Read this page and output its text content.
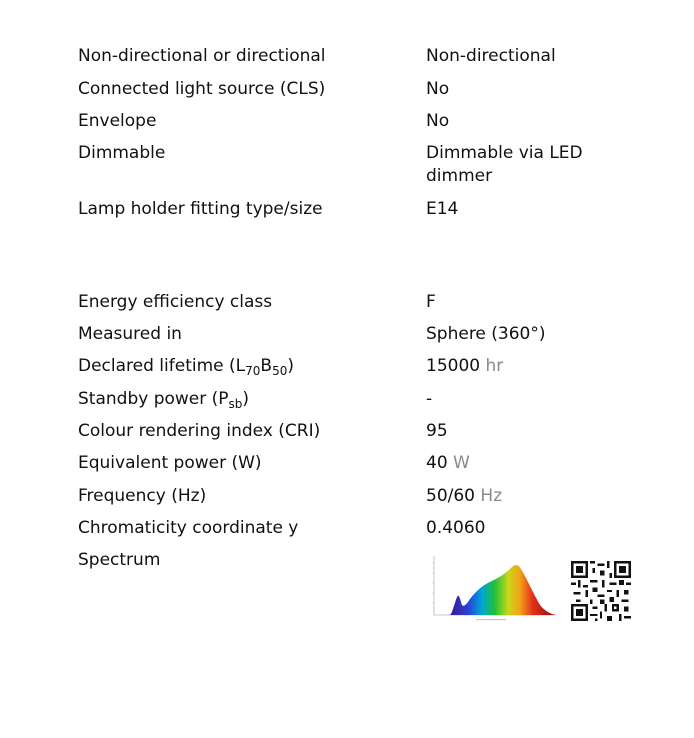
Non-directional or directional	Non-directional
Connected light source (CLS)	No
Envelope	No
Dimmable	Dimmable via LED dimmer
Lamp holder fitting type/size	E14
Energy efficiency class	F
Measured in	Sphere (360°)
Declared lifetime $(L_{70}B_{50})$	15000 hr
Standby power $(P_{sb})$	-
Colour rendering index (CRI)	95
Equivalent power (W)	40 W
Frequency (Hz)	50/60 Hz
Chromaticity coordinate y	0.4060
Spectrum
